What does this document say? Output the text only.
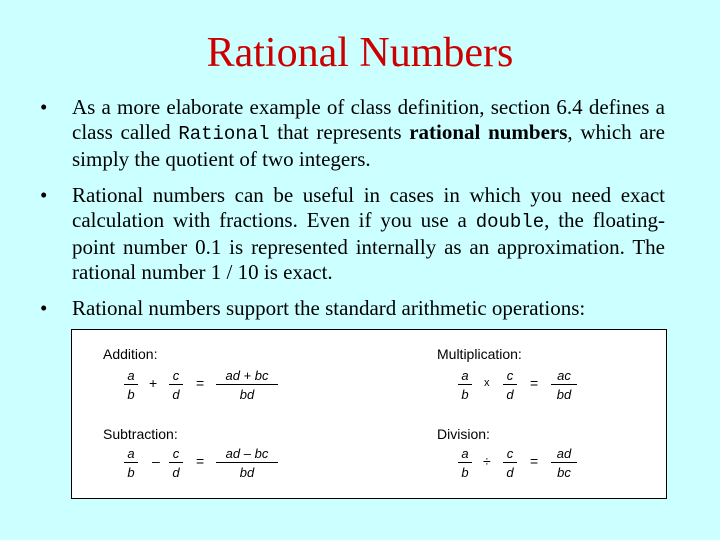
Rational Numbers
•	As a more elaborate example of class definition, section 6.4 defines a class called Rational that represents rational numbers, which are simply the quotient of two integers.
•	Rational numbers can be useful in cases in which you need exact calculation with fractions. Even if you use a double, the floating-point number 0.1 is represented internally as an approximation. The rational number 1 / 10 is exact.
•	Rational numbers support the standard arithmetic operations:
Addition:
$\frac{a}{b} + \frac{c}{d} = \frac{ad + bc}{bd}$
Subtraction:
$\frac{a}{b} - \frac{c}{d} = \frac{ad - bc}{bd}$
Multiplication:
$\frac{a}{b}$ x $\frac{c}{d} = \frac{ac}{bd}$
Division:
$\frac{a}{b} \div \frac{c}{d} = \frac{ad}{bc}$
